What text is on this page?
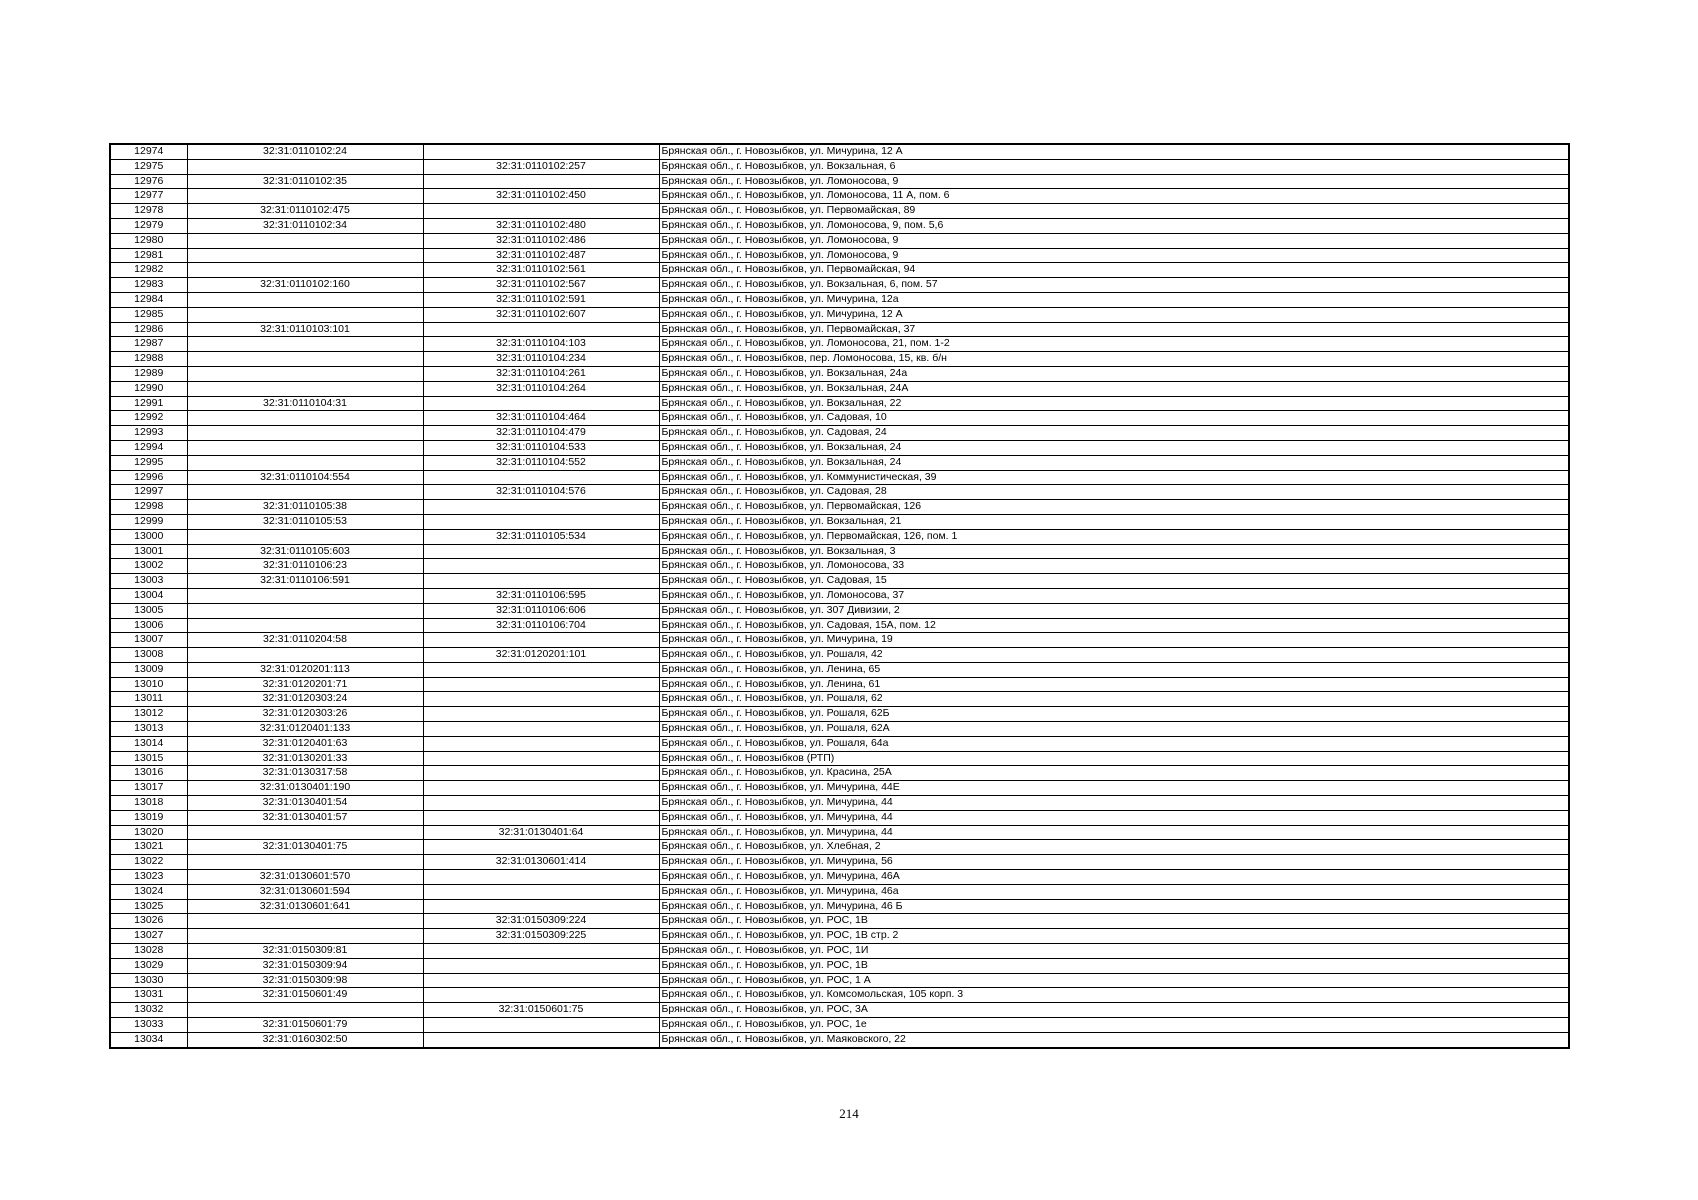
12974	32:31:0110102:24		Брянская обл., г. Новозыбков, ул. Мичурина, 12 А
12975		32:31:0110102:257	Брянская обл., г. Новозыбков, ул. Вокзальная, 6
12976	32:31:0110102:35		Брянская обл., г. Новозыбков, ул. Ломоносова, 9
12977		32:31:0110102:450	Брянская обл., г. Новозыбков, ул. Ломоносова, 11 А, пом. 6
12978	32:31:0110102:475		Брянская обл., г. Новозыбков, ул. Первомайская, 89
12979	32:31:0110102:34	32:31:0110102:480	Брянская обл., г. Новозыбков, ул. Ломоносова, 9, пом. 5,6
12980		32:31:0110102:486	Брянская обл., г. Новозыбков, ул. Ломоносова, 9
12981		32:31:0110102:487	Брянская обл., г. Новозыбков, ул. Ломоносова, 9
12982		32:31:0110102:561	Брянская обл., г. Новозыбков, ул. Первомайская, 94
12983	32:31:0110102:160	32:31:0110102:567	Брянская обл., г. Новозыбков, ул. Вокзальная, 6, пом. 57
12984		32:31:0110102:591	Брянская обл., г. Новозыбков, ул. Мичурина, 12а
12985		32:31:0110102:607	Брянская обл., г. Новозыбков, ул. Мичурина, 12 А
12986	32:31:0110103:101		Брянская обл., г. Новозыбков, ул. Первомайская, 37
12987		32:31:0110104:103	Брянская обл., г. Новозыбков, ул. Ломоносова, 21, пом. 1-2
12988		32:31:0110104:234	Брянская обл., г. Новозыбков, пер. Ломоносова, 15, кв. б/н
12989		32:31:0110104:261	Брянская обл., г. Новозыбков, ул. Вокзальная, 24а
12990		32:31:0110104:264	Брянская обл., г. Новозыбков, ул. Вокзальная, 24А
12991	32:31:0110104:31		Брянская обл., г. Новозыбков, ул. Вокзальная, 22
12992		32:31:0110104:464	Брянская обл., г. Новозыбков, ул. Садовая, 10
12993		32:31:0110104:479	Брянская обл., г. Новозыбков, ул. Садовая, 24
12994		32:31:0110104:533	Брянская обл., г. Новозыбков, ул. Вокзальная, 24
12995		32:31:0110104:552	Брянская обл., г. Новозыбков, ул. Вокзальная, 24
12996	32:31:0110104:554		Брянская обл., г. Новозыбков, ул. Коммунистическая, 39
12997		32:31:0110104:576	Брянская обл., г. Новозыбков, ул. Садовая, 28
12998	32:31:0110105:38		Брянская обл., г. Новозыбков, ул. Первомайская, 126
12999	32:31:0110105:53		Брянская обл., г. Новозыбков, ул. Вокзальная, 21
13000		32:31:0110105:534	Брянская обл., г. Новозыбков, ул. Первомайская, 126, пом. 1
13001	32:31:0110105:603		Брянская обл., г. Новозыбков, ул. Вокзальная, 3
13002	32:31:0110106:23		Брянская обл., г. Новозыбков, ул. Ломоносова, 33
13003	32:31:0110106:591		Брянская обл., г. Новозыбков, ул. Садовая, 15
13004		32:31:0110106:595	Брянская обл., г. Новозыбков, ул. Ломоносова, 37
13005		32:31:0110106:606	Брянская обл., г. Новозыбков, ул. 307 Дивизии, 2
13006		32:31:0110106:704	Брянская обл., г. Новозыбков, ул. Садовая, 15А, пом. 12
13007	32:31:0110204:58		Брянская обл., г. Новозыбков, ул. Мичурина, 19
13008		32:31:0120201:101	Брянская обл., г. Новозыбков, ул. Рошаля, 42
13009	32:31:0120201:113		Брянская обл., г. Новозыбков, ул. Ленина, 65
13010	32:31:0120201:71		Брянская обл., г. Новозыбков, ул. Ленина, 61
13011	32:31:0120303:24		Брянская обл., г. Новозыбков, ул. Рошаля, 62
13012	32:31:0120303:26		Брянская обл., г. Новозыбков, ул. Рошаля, 62Б
13013	32:31:0120401:133		Брянская обл., г. Новозыбков, ул. Рошаля, 62А
13014	32:31:0120401:63		Брянская обл., г. Новозыбков, ул. Рошаля, 64а
13015	32:31:0130201:33		Брянская обл., г. Новозыбков (РТП)
13016	32:31:0130317:58		Брянская обл., г. Новозыбков, ул. Красина, 25А
13017	32:31:0130401:190		Брянская обл., г. Новозыбков, ул. Мичурина, 44Е
13018	32:31:0130401:54		Брянская обл., г. Новозыбков, ул. Мичурина, 44
13019	32:31:0130401:57		Брянская обл., г. Новозыбков, ул. Мичурина, 44
13020		32:31:0130401:64	Брянская обл., г. Новозыбков, ул. Мичурина, 44
13021	32:31:0130401:75		Брянская обл., г. Новозыбков, ул. Хлебная, 2
13022		32:31:0130601:414	Брянская обл., г. Новозыбков, ул. Мичурина, 56
13023	32:31:0130601:570		Брянская обл., г. Новозыбков, ул. Мичурина, 46А
13024	32:31:0130601:594		Брянская обл., г. Новозыбков, ул. Мичурина, 46а
13025	32:31:0130601:641		Брянская обл., г. Новозыбков, ул. Мичурина, 46 Б
13026		32:31:0150309:224	Брянская обл., г. Новозыбков, ул. РОС, 1В
13027		32:31:0150309:225	Брянская обл., г. Новозыбков, ул. РОС, 1В стр. 2
13028	32:31:0150309:81		Брянская обл., г. Новозыбков, ул. РОС, 1И
13029	32:31:0150309:94		Брянская обл., г. Новозыбков, ул. РОС, 1В
13030	32:31:0150309:98		Брянская обл., г. Новозыбков, ул. РОС, 1 А
13031	32:31:0150601:49		Брянская обл., г. Новозыбков, ул. Комсомольская, 105 корп. 3
13032		32:31:0150601:75	Брянская обл., г. Новозыбков, ул. РОС, 3А
13033	32:31:0150601:79		Брянская обл., г. Новозыбков, ул. РОС, 1е
13034	32:31:0160302:50		Брянская обл., г. Новозыбков, ул. Маяковского, 22
214
